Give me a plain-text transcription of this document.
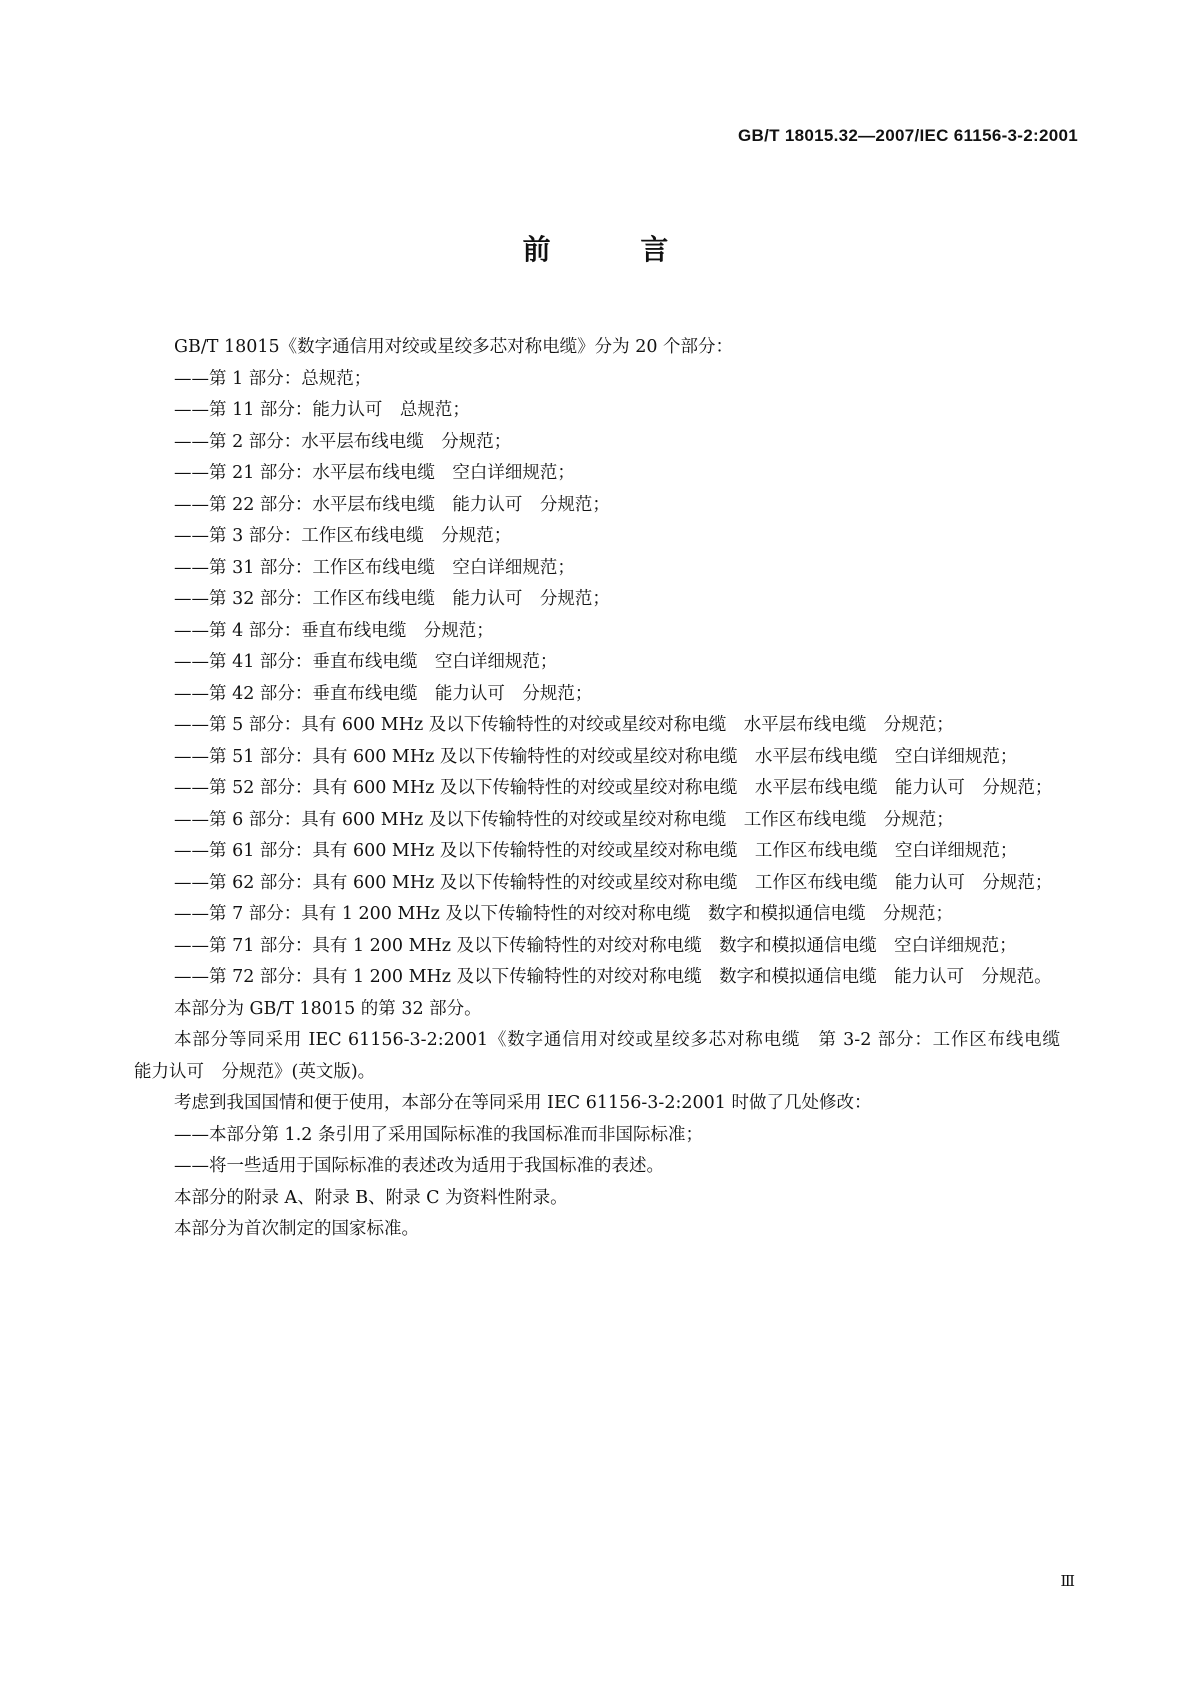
GB/T 18015.32—2007/IEC 61156-3-2:2001
前 言

GB/T 18015《数字通信用对绞或星绞多芯对称电缆》分为 20 个部分：

——第 1 部分：总规范；

——第 11 部分：能力认可　总规范；

——第 2 部分：水平层布线电缆　分规范；

——第 21 部分：水平层布线电缆　空白详细规范；

——第 22 部分：水平层布线电缆　能力认可　分规范；

——第 3 部分：工作区布线电缆　分规范；

——第 31 部分：工作区布线电缆　空白详细规范；

——第 32 部分：工作区布线电缆　能力认可　分规范；

——第 4 部分：垂直布线电缆　分规范；

——第 41 部分：垂直布线电缆　空白详细规范；

——第 42 部分：垂直布线电缆　能力认可　分规范；

——第 5 部分：具有 600 MHz 及以下传输特性的对绞或星绞对称电缆　水平层布线电缆　分规范；

——第 51 部分：具有 600 MHz 及以下传输特性的对绞或星绞对称电缆　水平层布线电缆　空白详细规范；

——第 52 部分：具有 600 MHz 及以下传输特性的对绞或星绞对称电缆　水平层布线电缆　能力认可　分规范；

——第 6 部分：具有 600 MHz 及以下传输特性的对绞或星绞对称电缆　工作区布线电缆　分规范；

——第 61 部分：具有 600 MHz 及以下传输特性的对绞或星绞对称电缆　工作区布线电缆　空白详细规范；

——第 62 部分：具有 600 MHz 及以下传输特性的对绞或星绞对称电缆　工作区布线电缆　能力认可　分规范；

——第 7 部分：具有 1 200 MHz 及以下传输特性的对绞对称电缆　数字和模拟通信电缆　分规范；

——第 71 部分：具有 1 200 MHz 及以下传输特性的对绞对称电缆　数字和模拟通信电缆　空白详细规范；

——第 72 部分：具有 1 200 MHz 及以下传输特性的对绞对称电缆　数字和模拟通信电缆　能力认可　分规范。

本部分为 GB/T 18015 的第 32 部分。

本部分等同采用 IEC 61156-3-2:2001《数字通信用对绞或星绞多芯对称电缆　第 3-2 部分：工作区布线电缆　能力认可　分规范》(英文版)。

考虑到我国国情和便于使用，本部分在等同采用 IEC 61156-3-2:2001 时做了几处修改：

——本部分第 1.2 条引用了采用国际标准的我国标准而非国际标准；

——将一些适用于国际标准的表述改为适用于我国标准的表述。

本部分的附录 A、附录 B、附录 C 为资料性附录。

本部分为首次制定的国家标准。

Ⅲ
